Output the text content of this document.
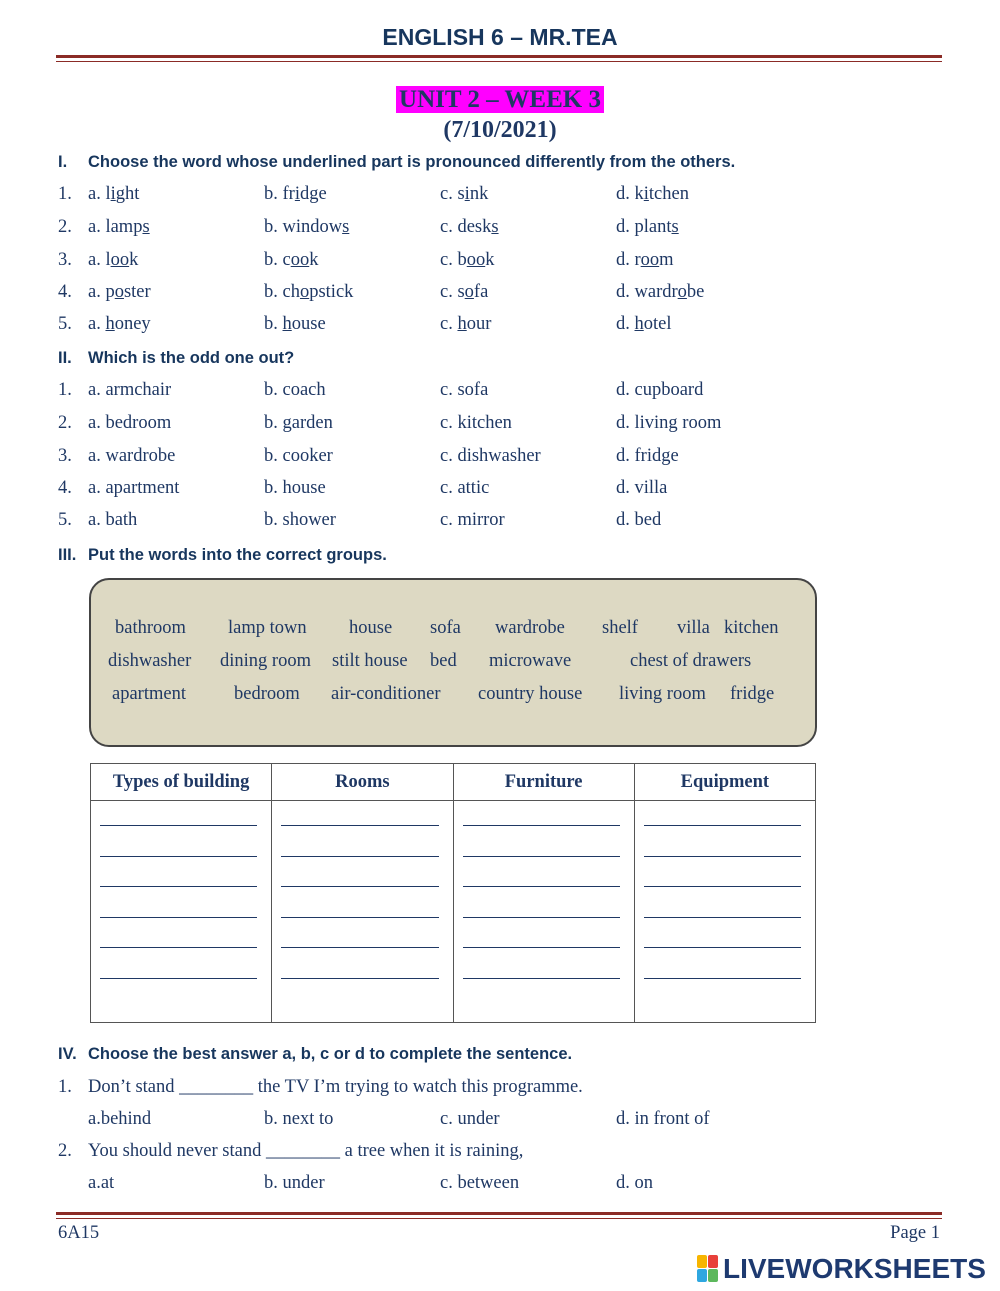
ENGLISH 6 – MR.TEA
UNIT 2 – WEEK 3
(7/10/2021)
I. Choose the word whose underlined part is pronounced differently from the others.
1. a. light	b. fridge	c. sink	d. kitchen
2. a. lamps	b. windows	c. desks	d. plants
3. a. look	b. cook	c. book	d. room
4. a. poster	b. chopstick	c. sofa	d. wardrobe
5. a. honey	b. house	c. hour	d. hotel
II. Which is the odd one out?
1. a. armchair	b. coach	c. sofa	d. cupboard
2. a. bedroom	b. garden	c. kitchen	d. living room
3. a. wardrobe	b. cooker	c. dishwasher	d. fridge
4. a. apartment	b. house	c. attic	d. villa
5. a. bath	b. shower	c. mirror	d. bed
III. Put the words into the correct groups.
bathroom lamp town house sofa wardrobe shelf villa kitchen
dishwasher dining room stilt house bed microwave	chest of drawers
apartment	bedroom air-conditioner country house living room fridge
Types of building	Rooms	Furniture	Equipment

IV. Choose the best answer a, b, c or d to complete the sentence.
1. Don’t stand ________ the TV I’m trying to watch this programme.
a.behind	b. next to	c. under	d. in front of
2. You should never stand ________ a tree when it is raining,
a.at	b. under	c. between	d. on
6A15	Page 1
LIVEWORKSHEETS
